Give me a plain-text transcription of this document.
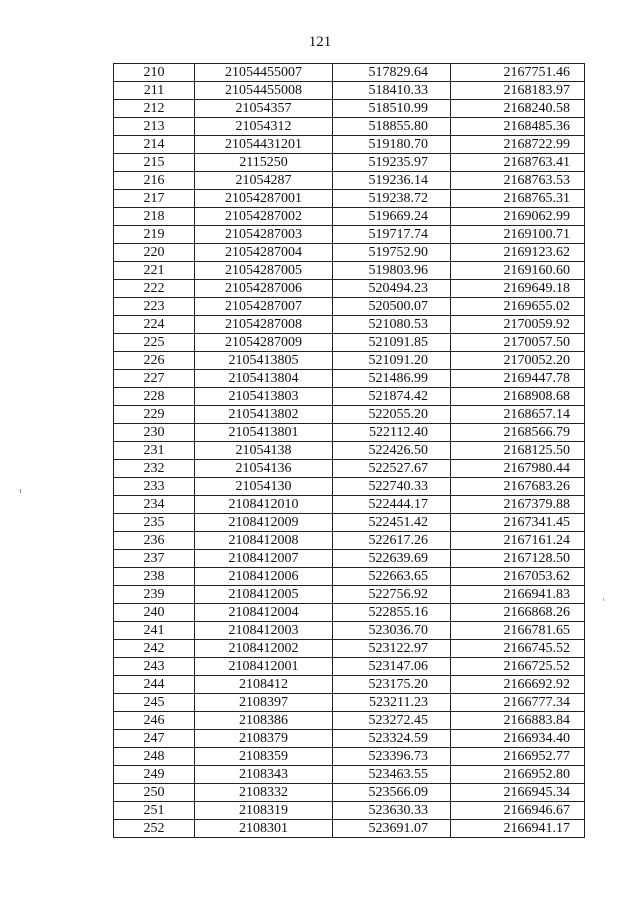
121
210	21054455007	517829.64	2167751.46
211	21054455008	518410.33	2168183.97
212	21054357	518510.99	2168240.58
213	21054312	518855.80	2168485.36
214	21054431201	519180.70	2168722.99
215	2115250	519235.97	2168763.41
216	21054287	519236.14	2168763.53
217	21054287001	519238.72	2168765.31
218	21054287002	519669.24	2169062.99
219	21054287003	519717.74	2169100.71
220	21054287004	519752.90	2169123.62
221	21054287005	519803.96	2169160.60
222	21054287006	520494.23	2169649.18
223	21054287007	520500.07	2169655.02
224	21054287008	521080.53	2170059.92
225	21054287009	521091.85	2170057.50
226	2105413805	521091.20	2170052.20
227	2105413804	521486.99	2169447.78
228	2105413803	521874.42	2168908.68
229	2105413802	522055.20	2168657.14
230	2105413801	522112.40	2168566.79
231	21054138	522426.50	2168125.50
232	21054136	522527.67	2167980.44
233	21054130	522740.33	2167683.26
234	2108412010	522444.17	2167379.88
235	2108412009	522451.42	2167341.45
236	2108412008	522617.26	2167161.24
237	2108412007	522639.69	2167128.50
238	2108412006	522663.65	2167053.62
239	2108412005	522756.92	2166941.83
240	2108412004	522855.16	2166868.26
241	2108412003	523036.70	2166781.65
242	2108412002	523122.97	2166745.52
243	2108412001	523147.06	2166725.52
244	2108412	523175.20	2166692.92
245	2108397	523211.23	2166777.34
246	2108386	523272.45	2166883.84
247	2108379	523324.59	2166934.40
248	2108359	523396.73	2166952.77
249	2108343	523463.55	2166952.80
250	2108332	523566.09	2166945.34
251	2108319	523630.33	2166946.67
252	2108301	523691.07	2166941.17
